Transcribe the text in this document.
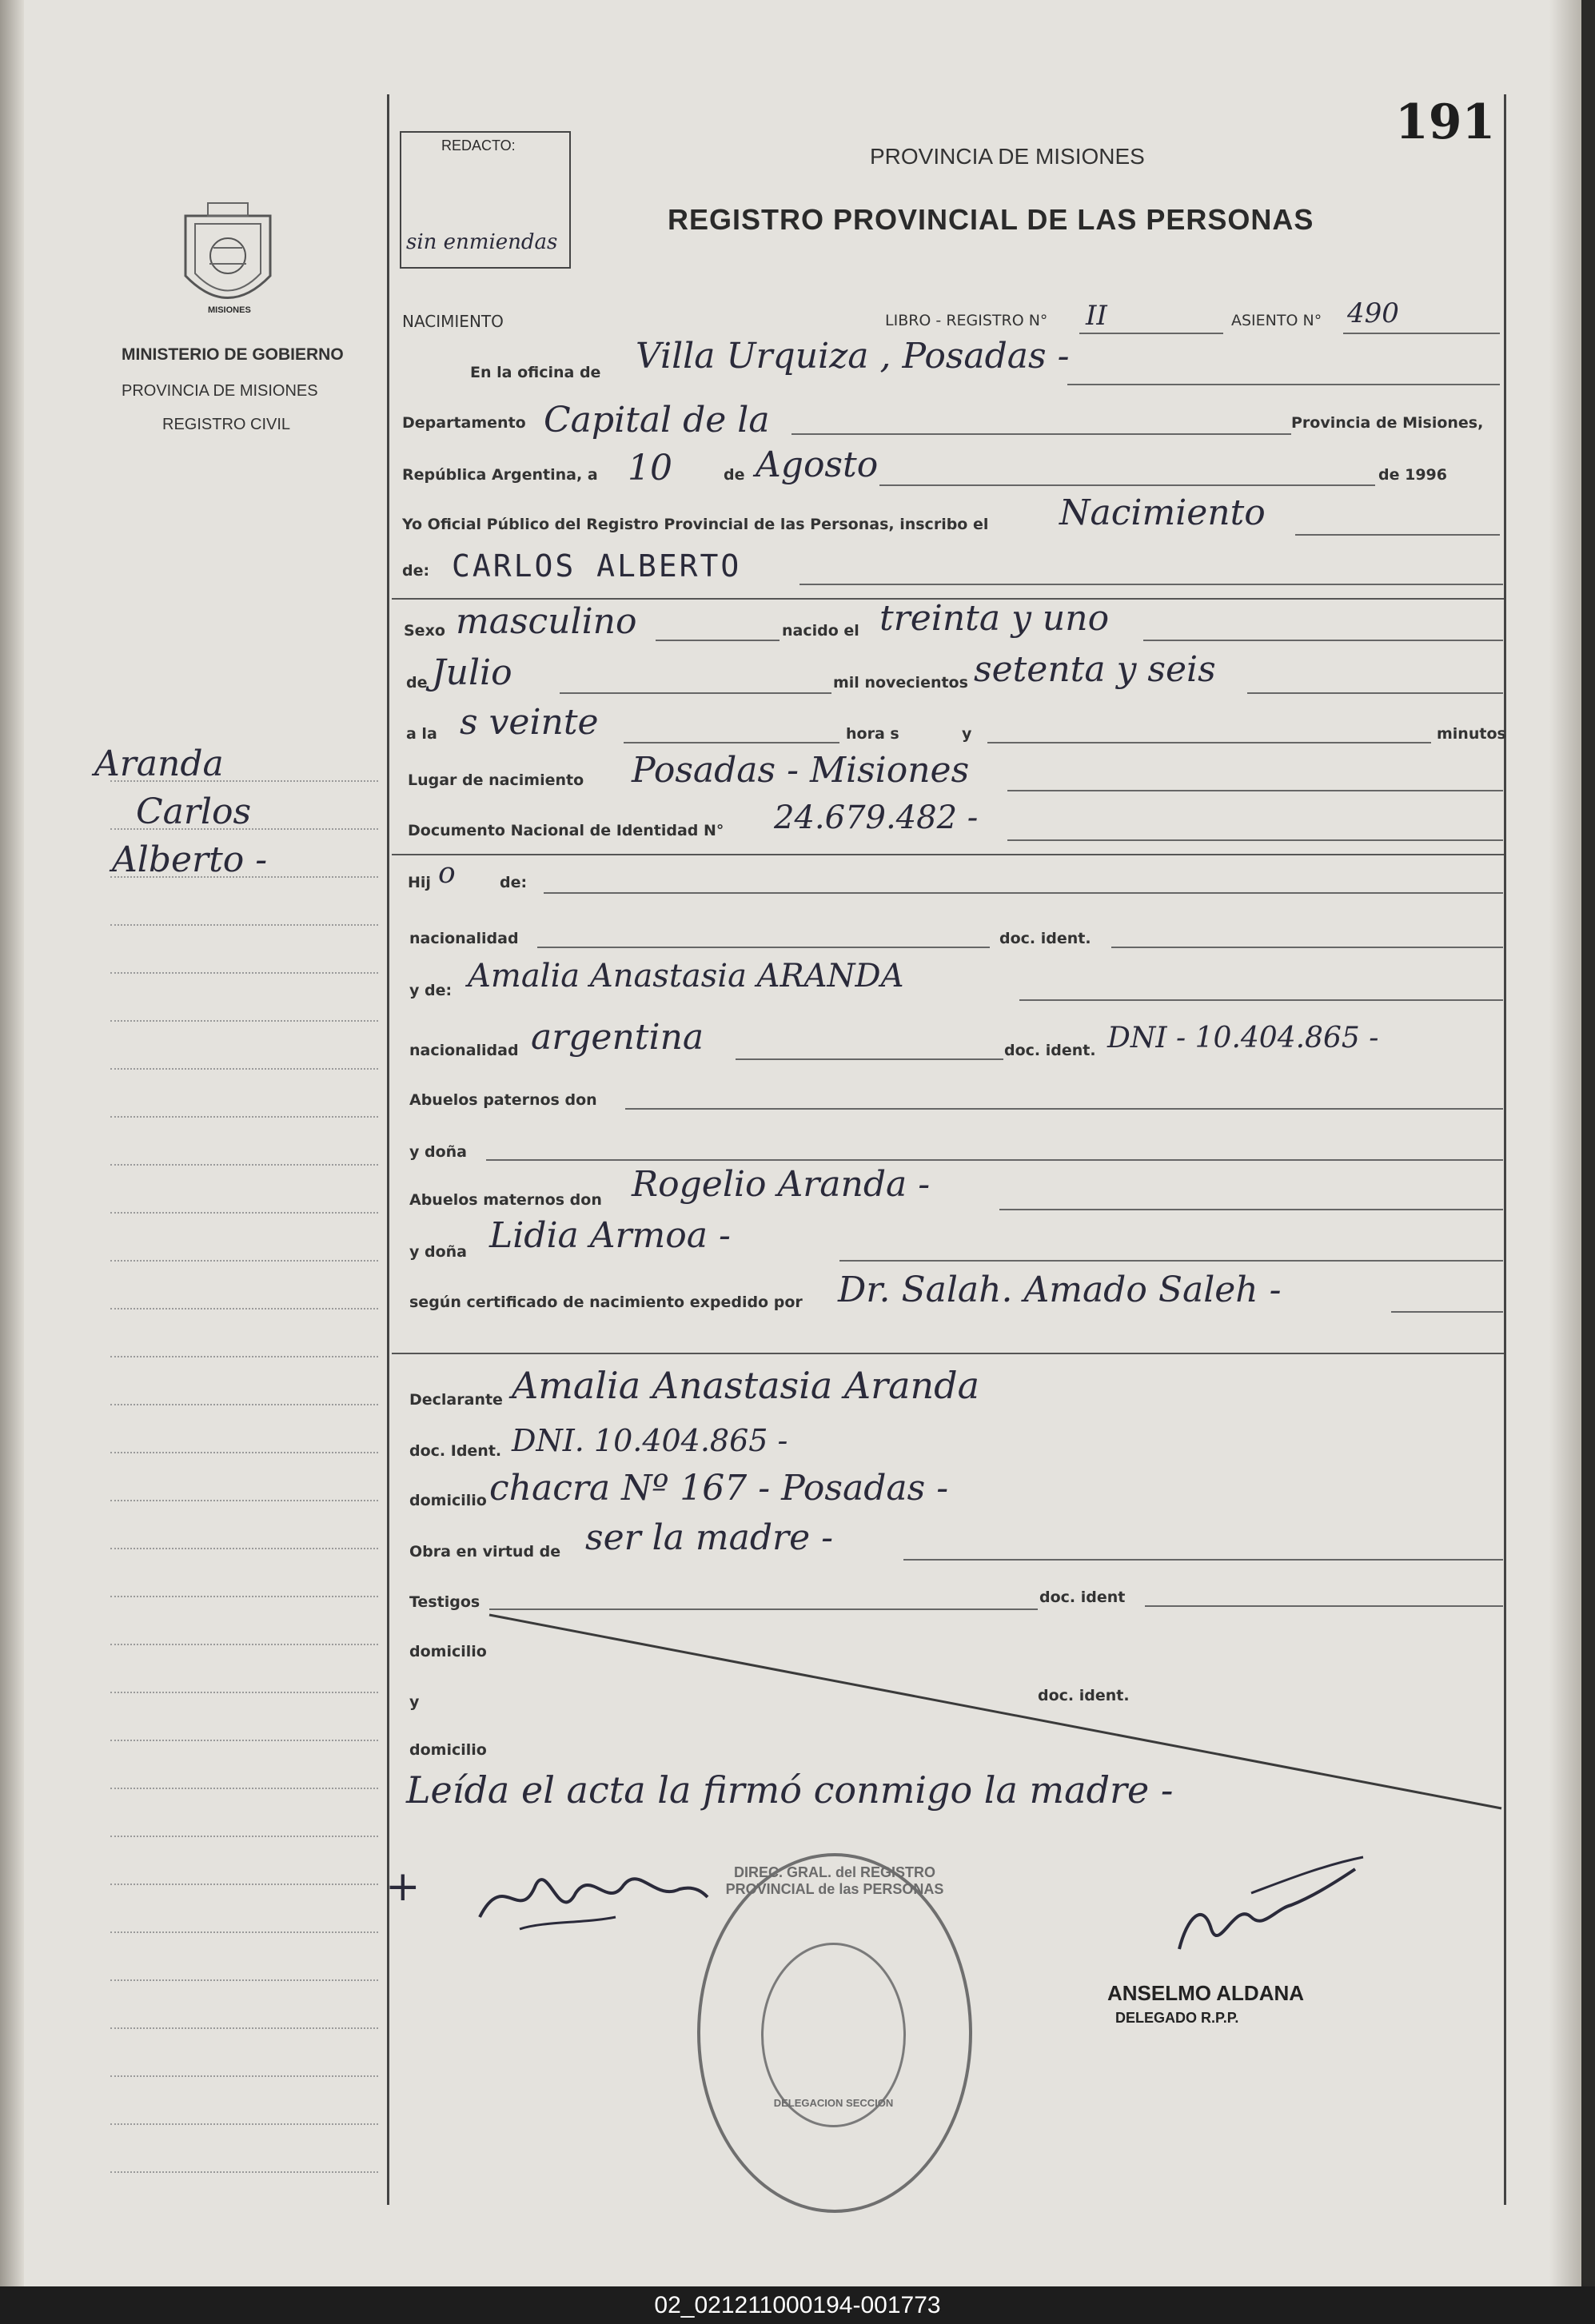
191
REDACTO:
sin enmiendas
PROVINCIA DE MISIONES
REGISTRO PROVINCIAL DE LAS PERSONAS
MISIONES
MINISTERIO DE GOBIERNO
PROVINCIA DE MISIONES
REGISTRO CIVIL
Aranda
Carlos
Alberto -
NACIMIENTO	LIBRO - REGISTRO N° II	ASIENTO N° 490
En la oficina de Villa Urquiza , Posadas -
Departamento Capital de la	Provincia de Misiones,
República Argentina, a 10	de Agosto	de 1996
Yo Oficial Público del Registro Provincial de las Personas, inscribo el Nacimiento
de: CARLOS ALBERTO
Sexo masculino	nacido el treinta y uno
de Julio	mil novecientos setenta y seis
a la s veinte	hora s	y	minutos
Lugar de nacimiento Posadas - Misiones
Documento Nacional de Identidad N° 24.679.482 -
Hij o	de:
nacionalidad	doc. ident.
y de: Amalia Anastasia ARANDA
nacionalidad argentina	doc. ident. DNI - 10.404.865 -
Abuelos paternos don
y doña
Abuelos maternos don Rogelio Aranda -
y doña Lidia Armoa -
según certificado de nacimiento expedido por Dr. Salah. Amado Saleh -
Declarante Amalia Anastasia Aranda
doc. Ident. DNI. 10.404.865 -
domicilio chacra Nº 167 - Posadas -
Obra en virtud de ser la madre -
Testigos	doc. ident
domicilio
y	doc. ident.
domicilio
Leída el acta la firmó conmigo la madre -
+
ANSELMO ALDANA
DELEGADO R.P.P.
DIREC. GRAL. del REGISTRO PROVINCIAL de las PERSONAS
DELEGACION SECCION
02_021211000194-001773
